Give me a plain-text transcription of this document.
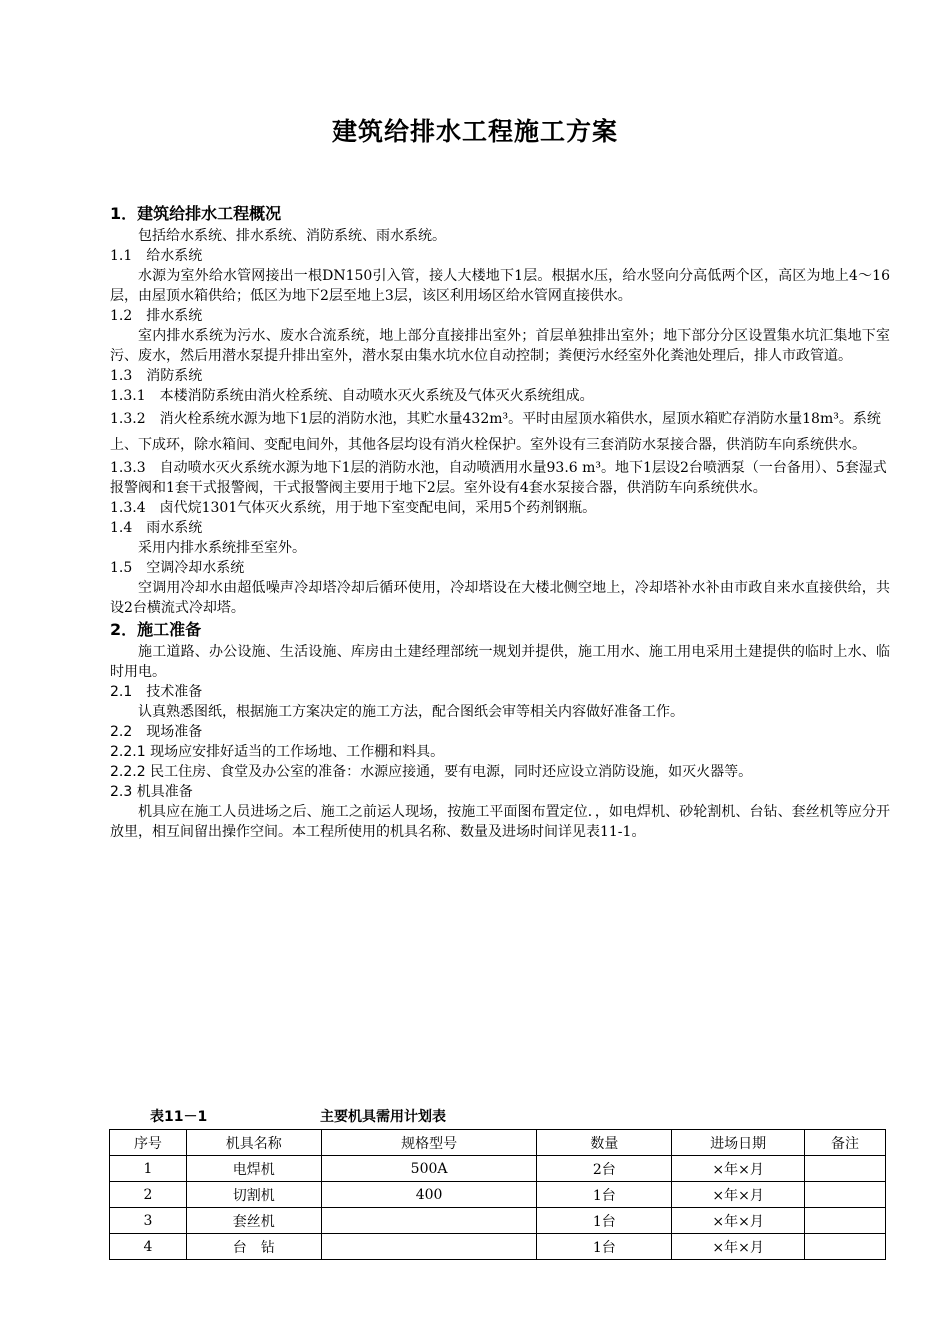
建筑给排水工程施工方案
1．建筑给排水工程概况
包括给水系统、排水系统、消防系统、雨水系统。
1.1　给水系统
水源为室外给水管网接出一根DN150引入管，接人大楼地下1层。根据水压，给水竖向分高低两个区，高区为地上4～16层，由屋顶水箱供给；低区为地下2层至地上3层，该区利用场区给水管网直接供水。
1.2　排水系统
室内排水系统为污水、废水合流系统，地上部分直接排出室外；首层单独排出室外；地下部分分区设置集水坑汇集地下室污、废水，然后用潜水泵提升排出室外，潜水泵由集水坑水位自动控制；粪便污水经室外化粪池处理后，排人市政管道。
1.3　消防系统
1.3.1　本楼消防系统由消火栓系统、自动喷水灭火系统及气体灭火系统组成。
1.3.2　消火栓系统水源为地下1层的消防水池，其贮水量432m³。平时由屋顶水箱供水，屋顶水箱贮存消防水量18m³。系统上、下成环，除水箱间、变配电间外，其他各层均设有消火栓保护。室外设有三套消防水泵接合器，供消防车向系统供水。
1.3.3　自动喷水灭火系统水源为地下1层的消防水池，自动喷洒用水量93.6 m³。地下1层设2台喷洒泵（一台备用）、5套湿式报警阀和1套干式报警阀，干式报警阀主要用于地下2层。室外设有4套水泵接合器，供消防车向系统供水。
1.3.4　卤代烷1301气体灭火系统，用于地下室变配电间，采用5个药剂钢瓶。
1.4　雨水系统
采用内排水系统排至室外。
1.5　空调冷却水系统
空调用冷却水由超低噪声冷却塔冷却后循环使用，冷却塔设在大楼北侧空地上，冷却塔补水补由市政自来水直接供给，共设2台横流式冷却塔。
2．施工准备
施工道路、办公设施、生活设施、库房由土建经理部统一规划并提供，施工用水、施工用电采用土建提供的临时上水、临时用电。
2.1　技术准备
认真熟悉图纸，根据施工方案决定的施工方法，配合图纸会审等相关内容做好准备工作。
2.2　现场准备
2.2.1 现场应安排好适当的工作场地、工作棚和料具。
2.2.2 民工住房、食堂及办公室的准备：水源应接通，要有电源，同时还应设立消防设施，如灭火器等。
2.3 机具准备
机具应在施工人员进场之后、施工之前运人现场，按施工平面图布置定位．，如电焊机、砂轮割机、台钻、套丝机等应分开放里，相互间留出操作空间。本工程所使用的机具名称、数量及进场时间详见表11-1。
表11－1	主要机具需用计划表
序号	机具名称	规格型号	数量	进场日期	备注
1	电焊机	500A	2台	×年×月	
2	切割机	400	1台	×年×月	
3	套丝机		1台	×年×月	
4	台　钻		1台	×年×月	
